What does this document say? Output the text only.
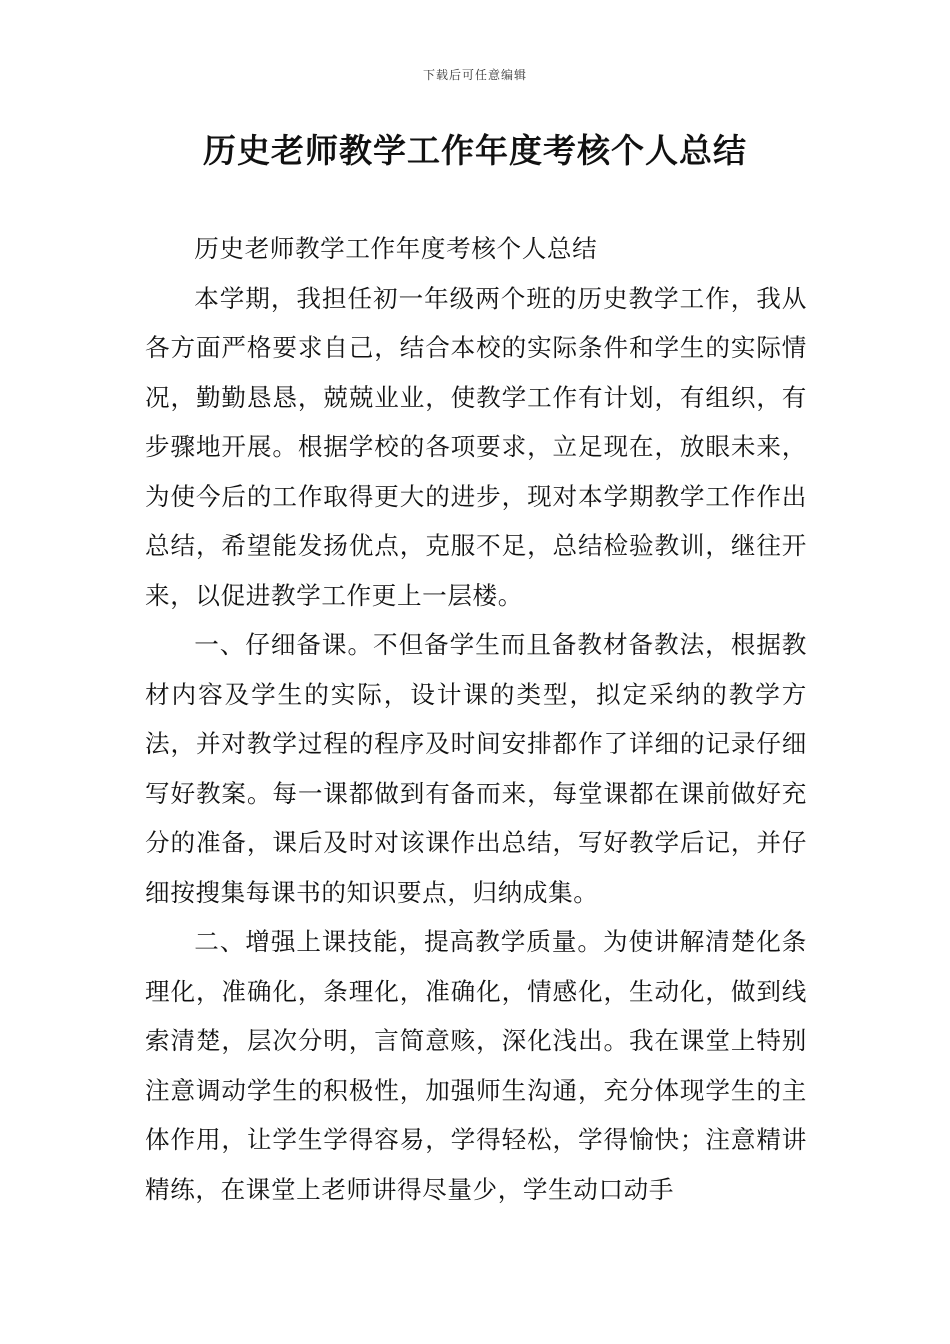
下载后可任意编辑
历史老师教学工作年度考核个人总结

历史老师教学工作年度考核个人总结

本学期，我担任初一年级两个班的历史教学工作，我从各方面严格要求自己，结合本校的实际条件和学生的实际情况，勤勤恳恳，兢兢业业，使教学工作有计划，有组织，有步骤地开展。根据学校的各项要求，立足现在，放眼未来，为使今后的工作取得更大的进步，现对本学期教学工作作出总结，希望能发扬优点，克服不足，总结检验教训，继往开来，以促进教学工作更上一层楼。

一、仔细备课。不但备学生而且备教材备教法，根据教材内容及学生的实际，设计课的类型，拟定采纳的教学方法，并对教学过程的程序及时间安排都作了详细的记录仔细写好教案。每一课都做到有备而来，每堂课都在课前做好充分的准备，课后及时对该课作出总结，写好教学后记，并仔细按搜集每课书的知识要点，归纳成集。

二、增强上课技能，提高教学质量。为使讲解清楚化条理化，准确化，条理化，准确化，情感化，生动化，做到线索清楚，层次分明，言简意赅，深化浅出。我在课堂上特别注意调动学生的积极性，加强师生沟通，充分体现学生的主体作用，让学生学得容易，学得轻松，学得愉快；注意精讲精练，在课堂上老师讲得尽量少，学生动口动手
